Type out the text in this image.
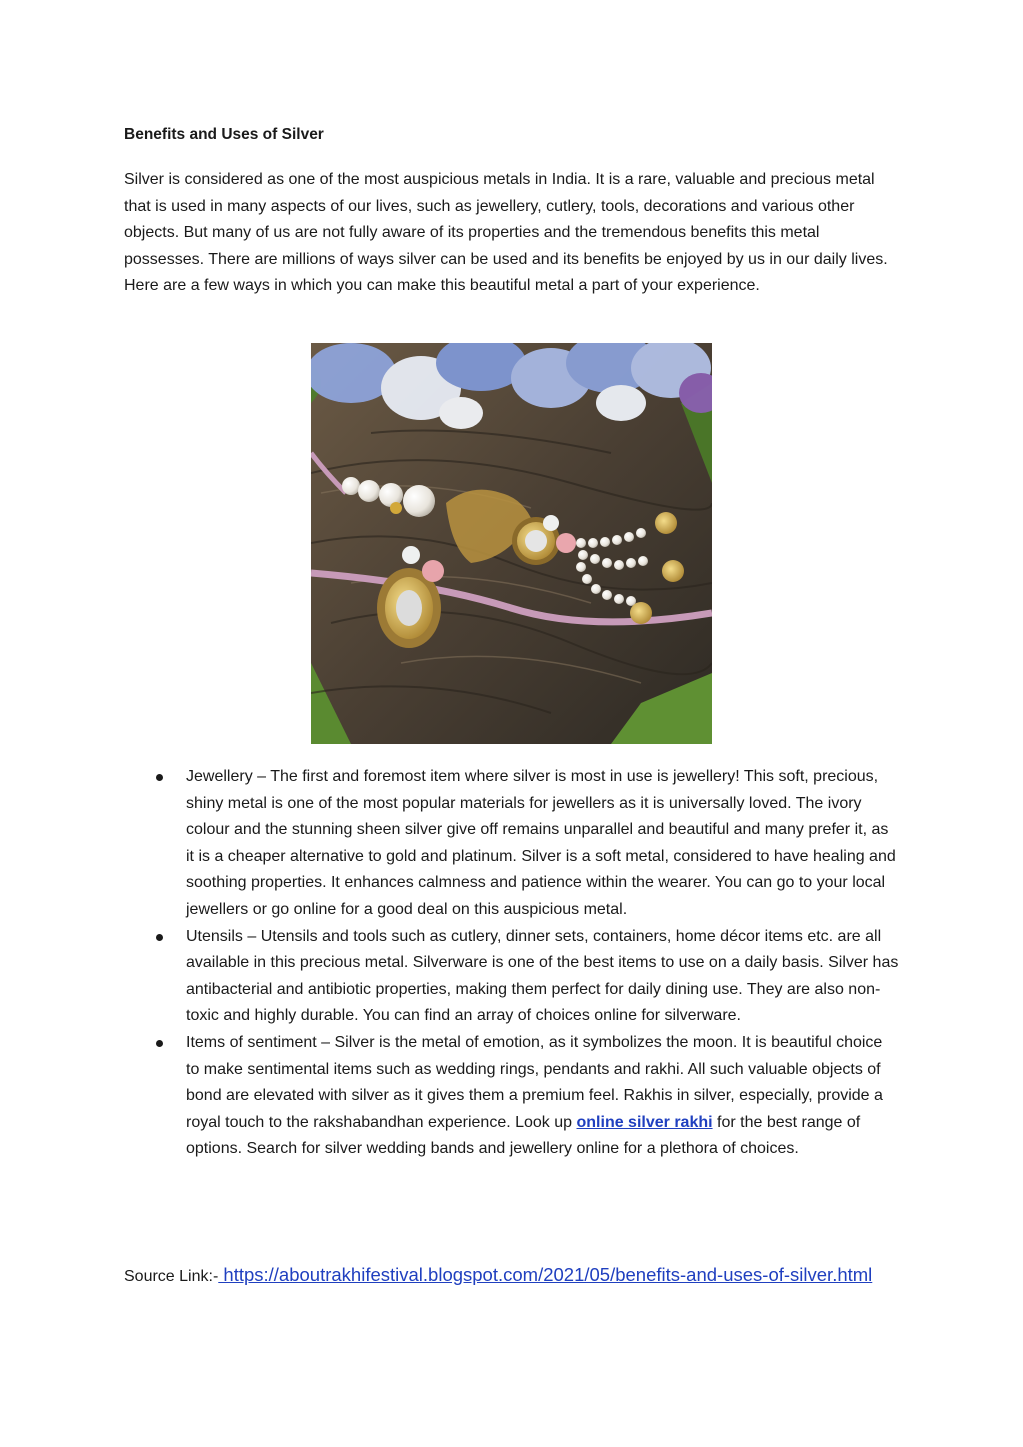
Benefits and Uses of Silver
Silver is considered as one of the most auspicious metals in India. It is a rare, valuable and precious metal that is used in many aspects of our lives, such as jewellery, cutlery, tools, decorations and various other objects. But many of us are not fully aware of its properties and the tremendous benefits this metal possesses. There are millions of ways silver can be used and its benefits be enjoyed by us in our daily lives. Here are a few ways in which you can make this beautiful metal a part of your experience.
Jewellery – The first and foremost item where silver is most in use is jewellery! This soft, precious, shiny metal is one of the most popular materials for jewellers as it is universally loved. The ivory colour and the stunning sheen silver give off remains unparallel and beautiful and many prefer it, as it is a cheaper alternative to gold and platinum. Silver is a soft metal, considered to have healing and soothing properties. It enhances calmness and patience within the wearer. You can go to your local jewellers or go online for a good deal on this auspicious metal.
Utensils – Utensils and tools such as cutlery, dinner sets, containers, home décor items etc. are all available in this precious metal. Silverware is one of the best items to use on a daily basis. Silver has antibacterial and antibiotic properties, making them perfect for daily dining use. They are also non-toxic and highly durable. You can find an array of choices online for silverware.
Items of sentiment – Silver is the metal of emotion, as it symbolizes the moon. It is beautiful choice to make sentimental items such as wedding rings, pendants and rakhi. All such valuable objects of bond are elevated with silver as it gives them a premium feel. Rakhis in silver, especially, provide a royal touch to the rakshabandhan experience. Look up online silver rakhi for the best range of options. Search for silver wedding bands and jewellery online for a plethora of choices.
Source Link:- https://aboutrakhifestival.blogspot.com/2021/05/benefits-and-uses-of-silver.html
